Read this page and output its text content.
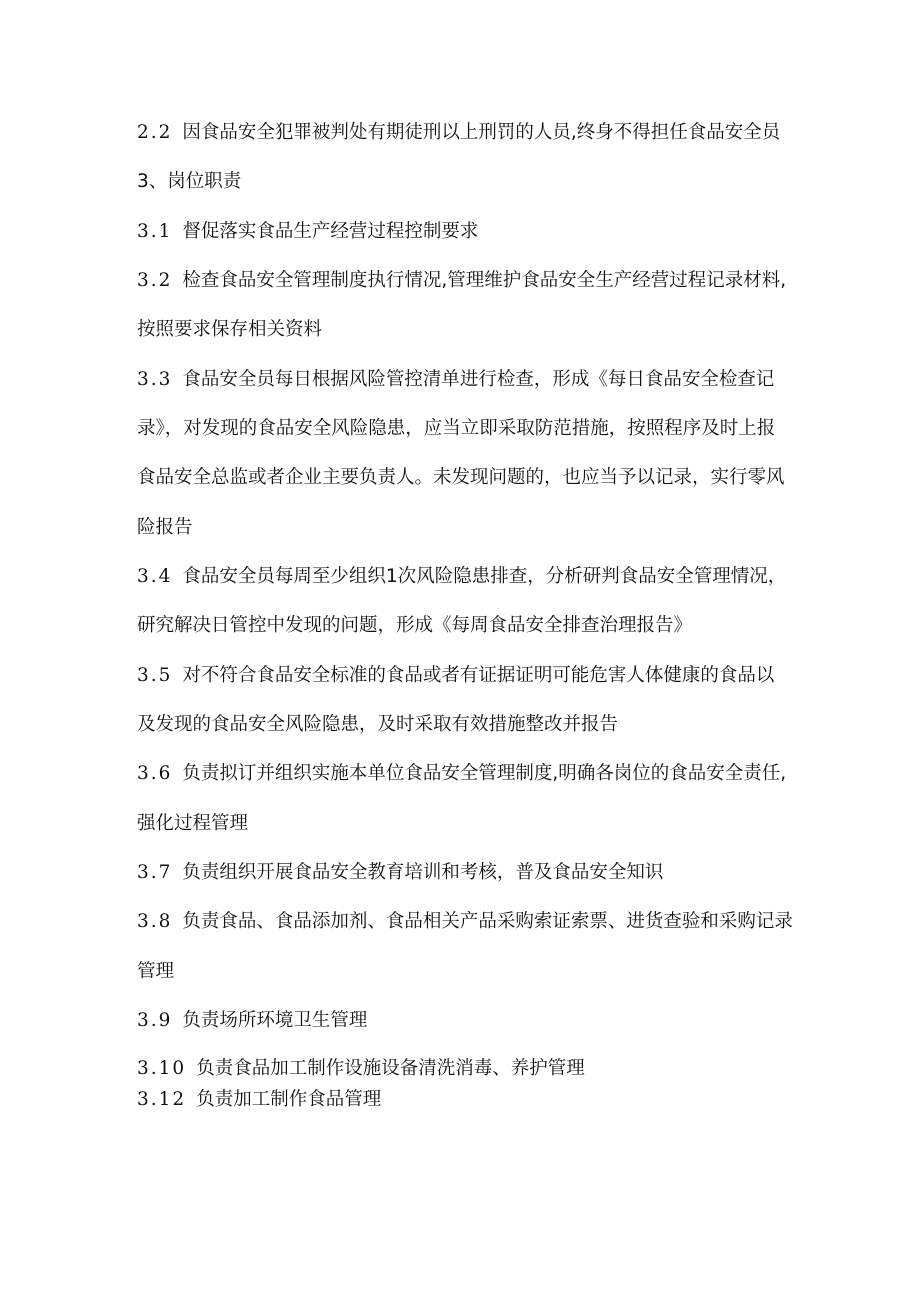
2.2 因食品安全犯罪被判处有期徒刑以上刑罚的人员,终身不得担任食品安全员
3、岗位职责
3.1 督促落实食品生产经营过程控制要求
3.2 检查食品安全管理制度执行情况,管理维护食品安全生产经营过程记录材料,
按照要求保存相关资料
3.3 食品安全员每日根据风险管控清单进行检查，形成《每日食品安全检查记
录》，对发现的食品安全风险隐患，应当立即采取防范措施，按照程序及时上报
食品安全总监或者企业主要负责人。未发现问题的，也应当予以记录，实行零风
险报告
3.4 食品安全员每周至少组织1次风险隐患排查，分析研判食品安全管理情况，
研究解决日管控中发现的问题，形成《每周食品安全排查治理报告》
3.5 对不符合食品安全标准的食品或者有证据证明可能危害人体健康的食品以
及发现的食品安全风险隐患，及时采取有效措施整改并报告
3.6 负责拟订并组织实施本单位食品安全管理制度,明确各岗位的食品安全责任,
强化过程管理
3.7 负责组织开展食品安全教育培训和考核，普及食品安全知识
3.8 负责食品、食品添加剂、食品相关产品采购索证索票、进货查验和采购记录
管理
3.9 负责场所环境卫生管理
3.10 负责食品加工制作设施设备清洗消毒、养护管理
3.12 负责加工制作食品管理
